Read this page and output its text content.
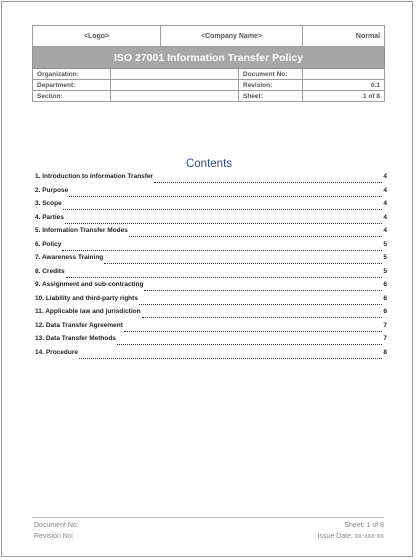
<Logo>		<Company Name>		Normal
ISO 27001 Information Transfer Policy				
Organization:			Document No:	
Department:			Revision:	0.1
Section:			Sheet:	1 of 8
Contents
1. Introduction to Information Transfer	4
2. Purpose	4
3. Scope	4
4. Parties	4
5. Information Transfer Modes	4
6. Policy	5
7. Awareness Training	5
8. Credits	5
9. Assignment and sub-contracting	6
10. Liability and third-party rights	6
11. Applicable law and jurisdiction	6
12. Data Transfer Agreement	7
13. Data Transfer Methods	7
14. Procedure	8
Document No:	Sheet: 1 of 8
Revision No:	Issue Date: xx-xxx-xx
